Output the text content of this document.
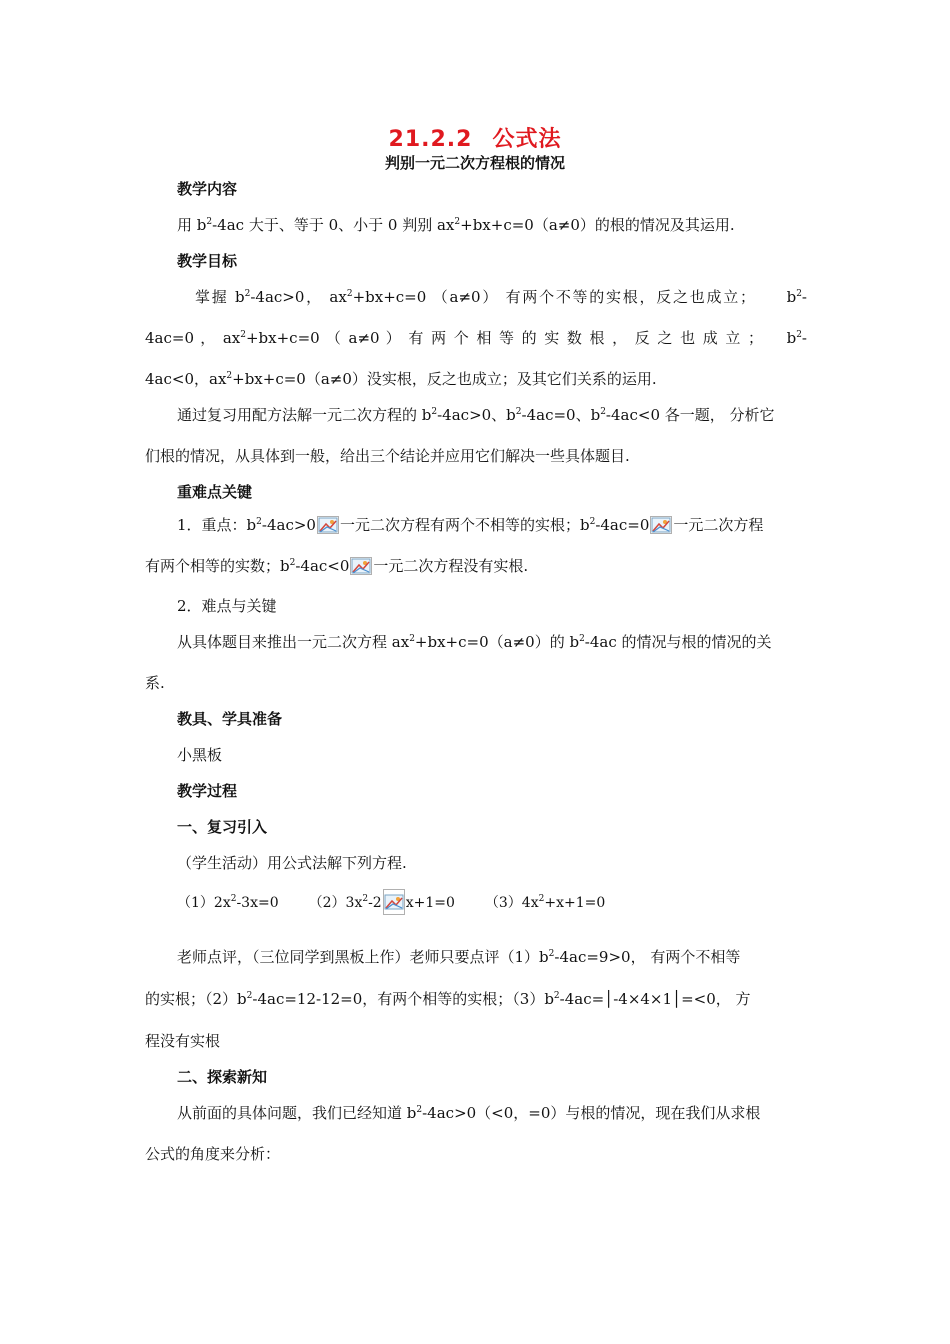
21.2.2 公式法
判别一元二次方程根的情况
教学内容
用 $b^2-4ac$ 大于、等于 0、小于 0 判别 $ax^2+bx+c=0(a\ne 0)$的根的情况及其运用.
教学目标
掌握 $b^2-4ac>0$， $ax^2+bx+c=0$ （a≠0） 有两个不等的实根，反之也成立； $b^2-$
4ac=0 ， $ax^2+bx+c=0$ （ a≠0 ） 有 两 个 相 等 的 实 数 根 ， 反 之 也 成 立 ； $b^2-$
4ac<0，$ax^2+bx+c=0(a\ne 0)$没实根，反之也成立；及其它们关系的运用.
通过复习用配方法解一元二次方程的 $b^2-4ac>0$、$b^2-4ac=0$、$b^2-4ac<0$ 各一题， 分析它
们根的情况，从具体到一般，给出三个结论并应用它们解决一些具体题目.
重难点关键
1．重点：$b^2-4ac>0$ 一元二次方程有两个不相等的实根；$b^2-4ac=0$ 一元二次方程
有两个相等的实数；$b^2-4ac<0$ 一元二次方程没有实根.
2．难点与关键
从具体题目来推出一元二次方程 $ax^2+bx+c=0(a\ne 0)$的 $b^2-4ac$ 的情况与根的情况的关
系.
教具、学具准备
小黑板
教学过程
一、复习引入
（学生活动）用公式法解下列方程.
$(1)2x^2-3x=0$ $(2)3x^2-2$ x+1=0 $(3)4x^2+x+1=0$
老师点评，（三位同学到黑板上作）老师只要点评$(1)b^2-4ac=9>0$， 有两个不相等
的实根；$(2)b^2-4ac=12-12=0$，有两个相等的实根；$(3)b^2-4ac=│-4\times 4\times 1│=<0$， 方
程没有实根
二、探索新知
从前面的具体问题，我们已经知道 $b^2-4ac>0(<0$，=0）与根的情况，现在我们从求根
公式的角度来分析：
